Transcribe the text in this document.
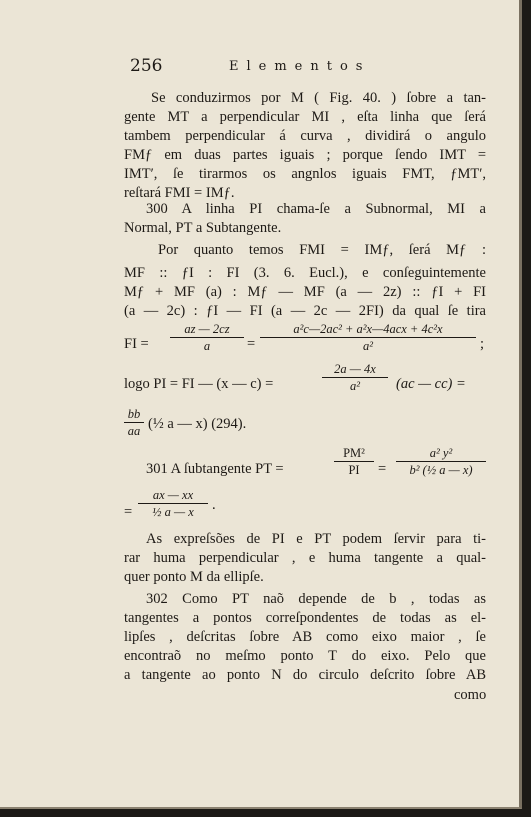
256	Elementos
Se conduzirmos por M ( Fig. 40. ) ſobre a tan-
gente MT a perpendicular MI , eſta linha que ſerá
tambem perpendicular á curva , dividirá o angulo
FMƒ em duas partes iguais ; porque ſendo IMT =
IMT′, ſe tirarmos os angnlos iguais FMT, ƒMT′,
reſtará FMI = IMƒ.
300 A linha PI chama-ſe a Subnormal, MI a
Normal, PT a Subtangente.
Por quanto temos FMI = IMƒ, ſerá Mƒ :
MF :: ƒI : FI (3. 6. Eucl.), e conſeguintemente
Mƒ + MF (a) : Mƒ — MF (a — 2z) :: ƒI + FI
(a — 2c) : ƒI — FI (a — 2c — 2FI) da qual ſe tira
FI =
az — 2cz
a	=
a²c—2ac² + a²x—4acx + 4c²x
a²	;
logo PI = FI — (x — c) =
2a — 4x
a²	(ac — cc) =
bb
aa (½ a — x) (294).
301 A ſubtangente PT =
PM²
PI	=
a² y²
b² (½ a — x)
=
ax — xx
½ a — x	.
As expreſsões de PI e PT podem ſervir para ti-
rar huma perpendicular , e huma tangente a qual-
quer ponto M da ellipſe.
302 Como PT naõ depende de b , todas as
tangentes a pontos correſpondentes de todas as el-
lipſes , deſcritas ſobre AB como eixo maior , ſe
encontraõ no meſmo ponto T do eixo. Pelo que
a tangente ao ponto N do circulo deſcrito ſobre AB
como
